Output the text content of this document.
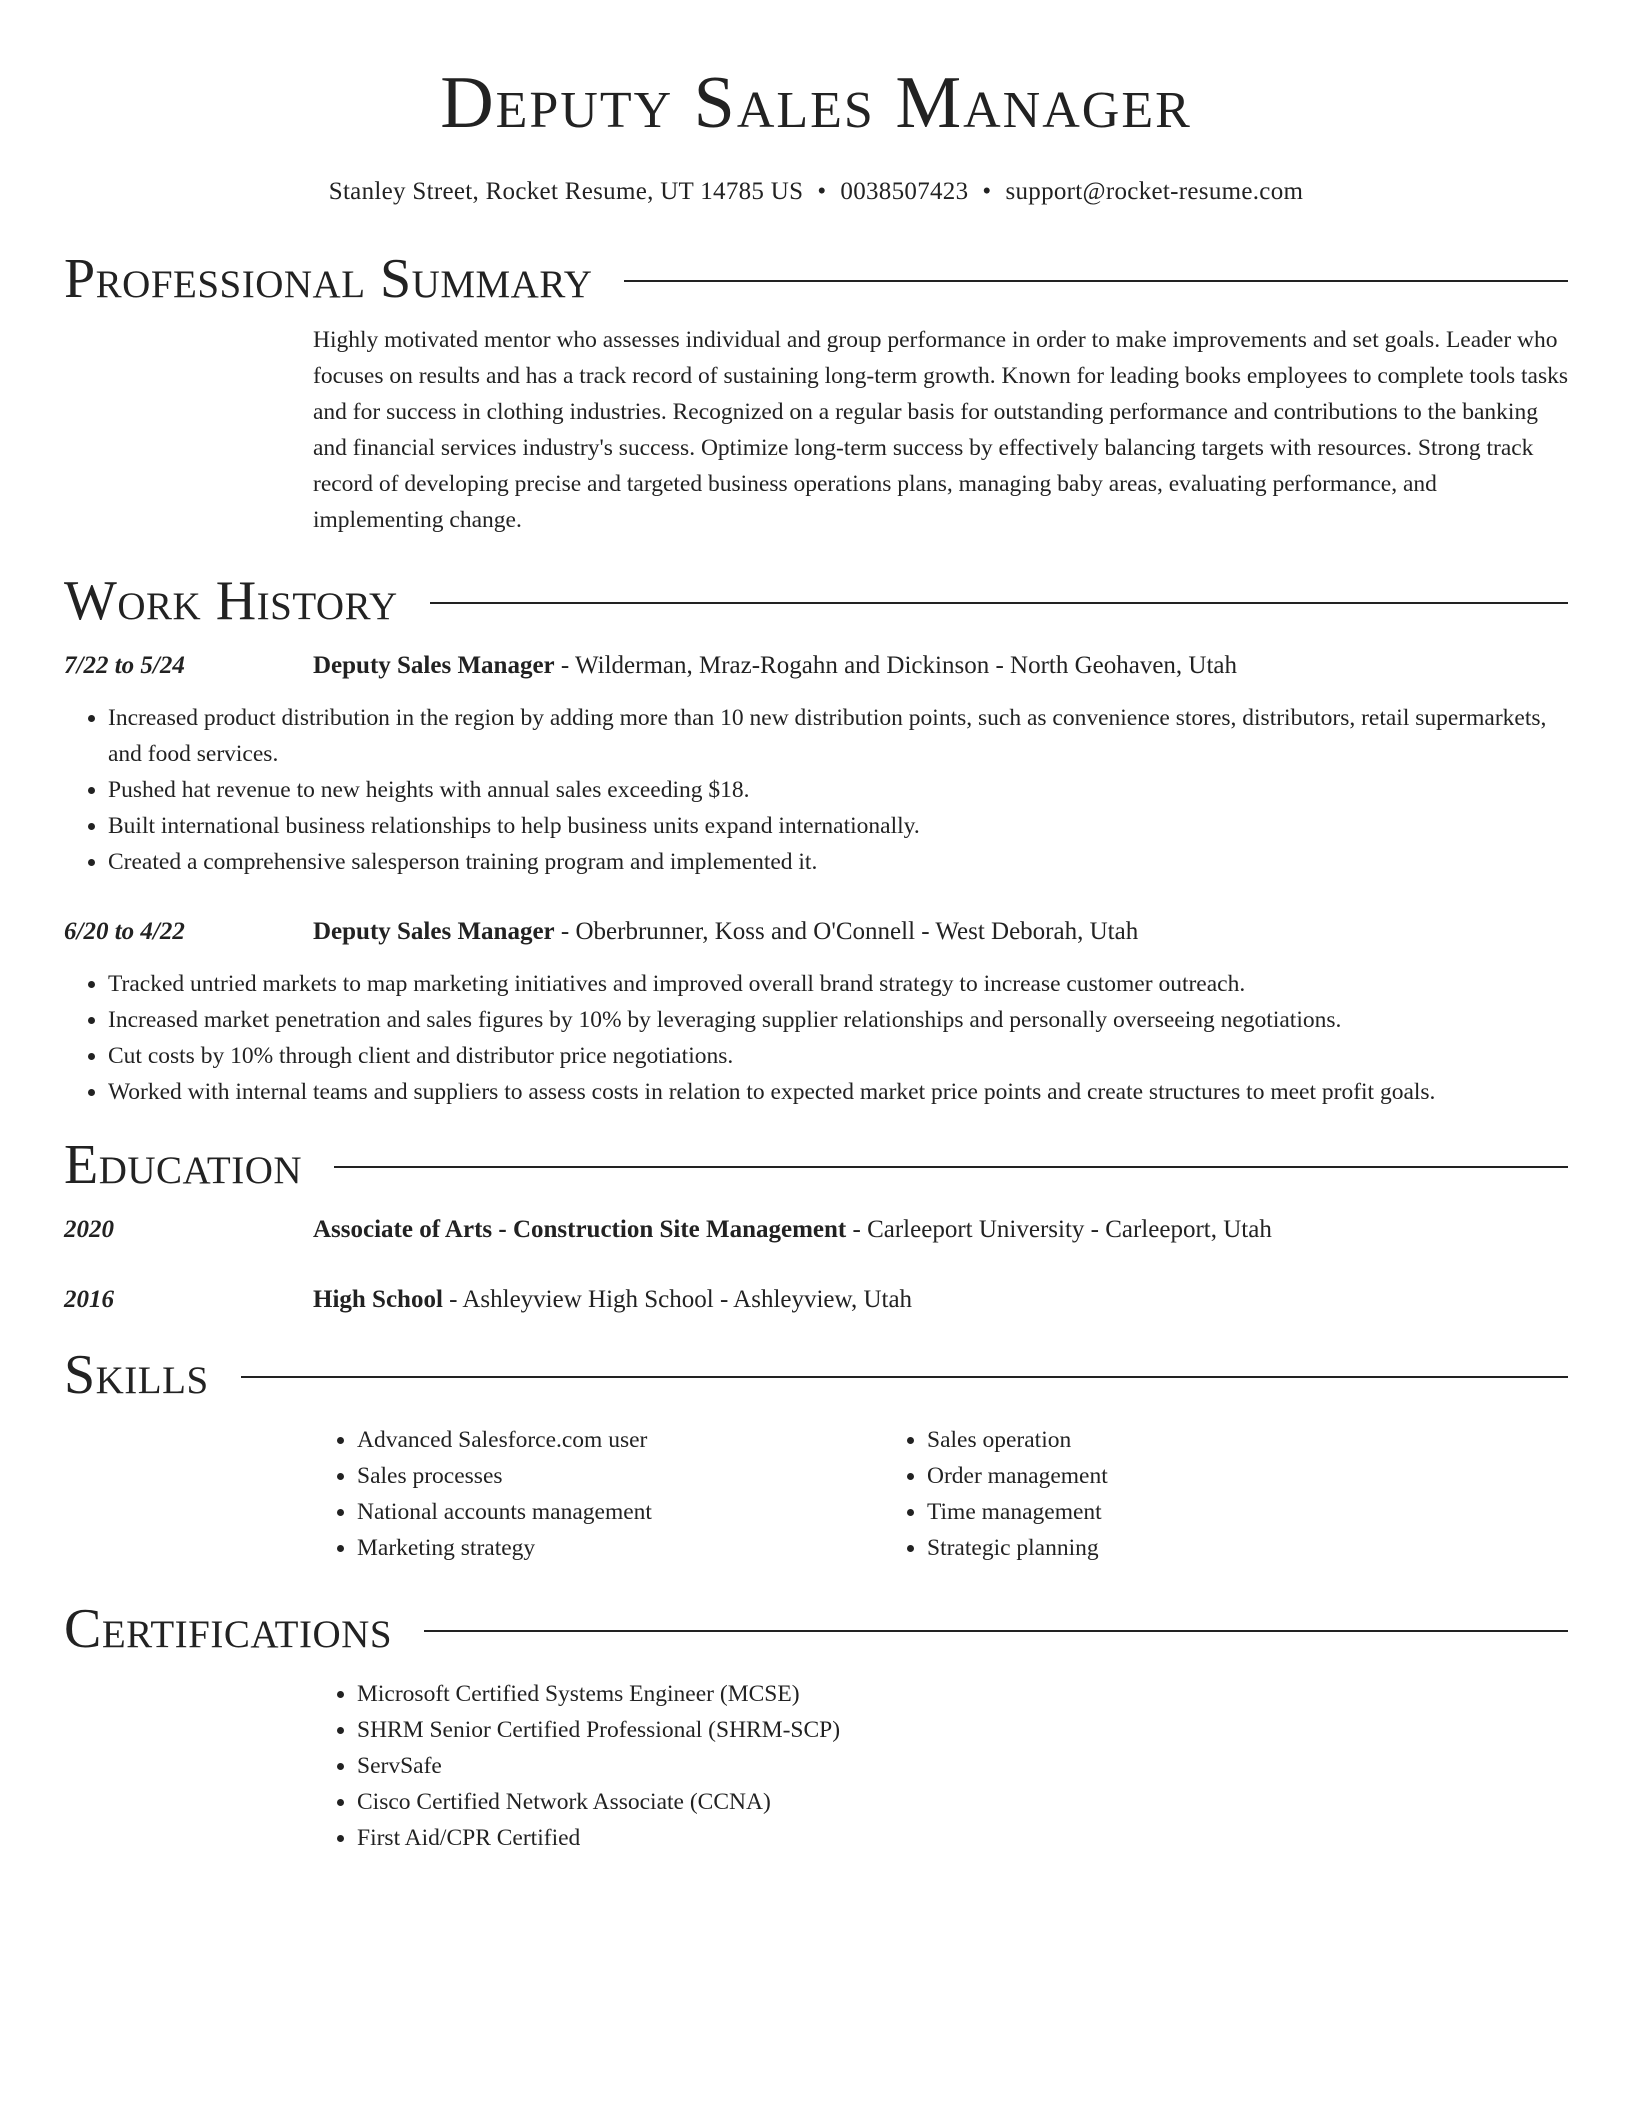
Deputy Sales Manager
Stanley Street, Rocket Resume, UT 14785 US • 0038507423 • support@rocket-resume.com
Professional Summary
Highly motivated mentor who assesses individual and group performance in order to make improvements and set goals. Leader who focuses on results and has a track record of sustaining long-term growth. Known for leading books employees to complete tools tasks and for success in clothing industries. Recognized on a regular basis for outstanding performance and contributions to the banking and financial services industry's success. Optimize long-term success by effectively balancing targets with resources. Strong track record of developing precise and targeted business operations plans, managing baby areas, evaluating performance, and implementing change.
Work History
7/22 to 5/24	Deputy Sales Manager - Wilderman, Mraz-Rogahn and Dickinson - North Geohaven, Utah
• Increased product distribution in the region by adding more than 10 new distribution points, such as convenience stores, distributors, retail supermarkets, and food services.
• Pushed hat revenue to new heights with annual sales exceeding $18.
• Built international business relationships to help business units expand internationally.
• Created a comprehensive salesperson training program and implemented it.
6/20 to 4/22	Deputy Sales Manager - Oberbrunner, Koss and O'Connell - West Deborah, Utah
• Tracked untried markets to map marketing initiatives and improved overall brand strategy to increase customer outreach.
• Increased market penetration and sales figures by 10% by leveraging supplier relationships and personally overseeing negotiations.
• Cut costs by 10% through client and distributor price negotiations.
• Worked with internal teams and suppliers to assess costs in relation to expected market price points and create structures to meet profit goals.
Education
2020	Associate of Arts - Construction Site Management - Carleeport University - Carleeport, Utah
2016	High School - Ashleyview High School - Ashleyview, Utah
Skills
• Advanced Salesforce.com user
• Sales processes
• National accounts management
• Marketing strategy
• Sales operation
• Order management
• Time management
• Strategic planning
Certifications
• Microsoft Certified Systems Engineer (MCSE)
• SHRM Senior Certified Professional (SHRM-SCP)
• ServSafe
• Cisco Certified Network Associate (CCNA)
• First Aid/CPR Certified
